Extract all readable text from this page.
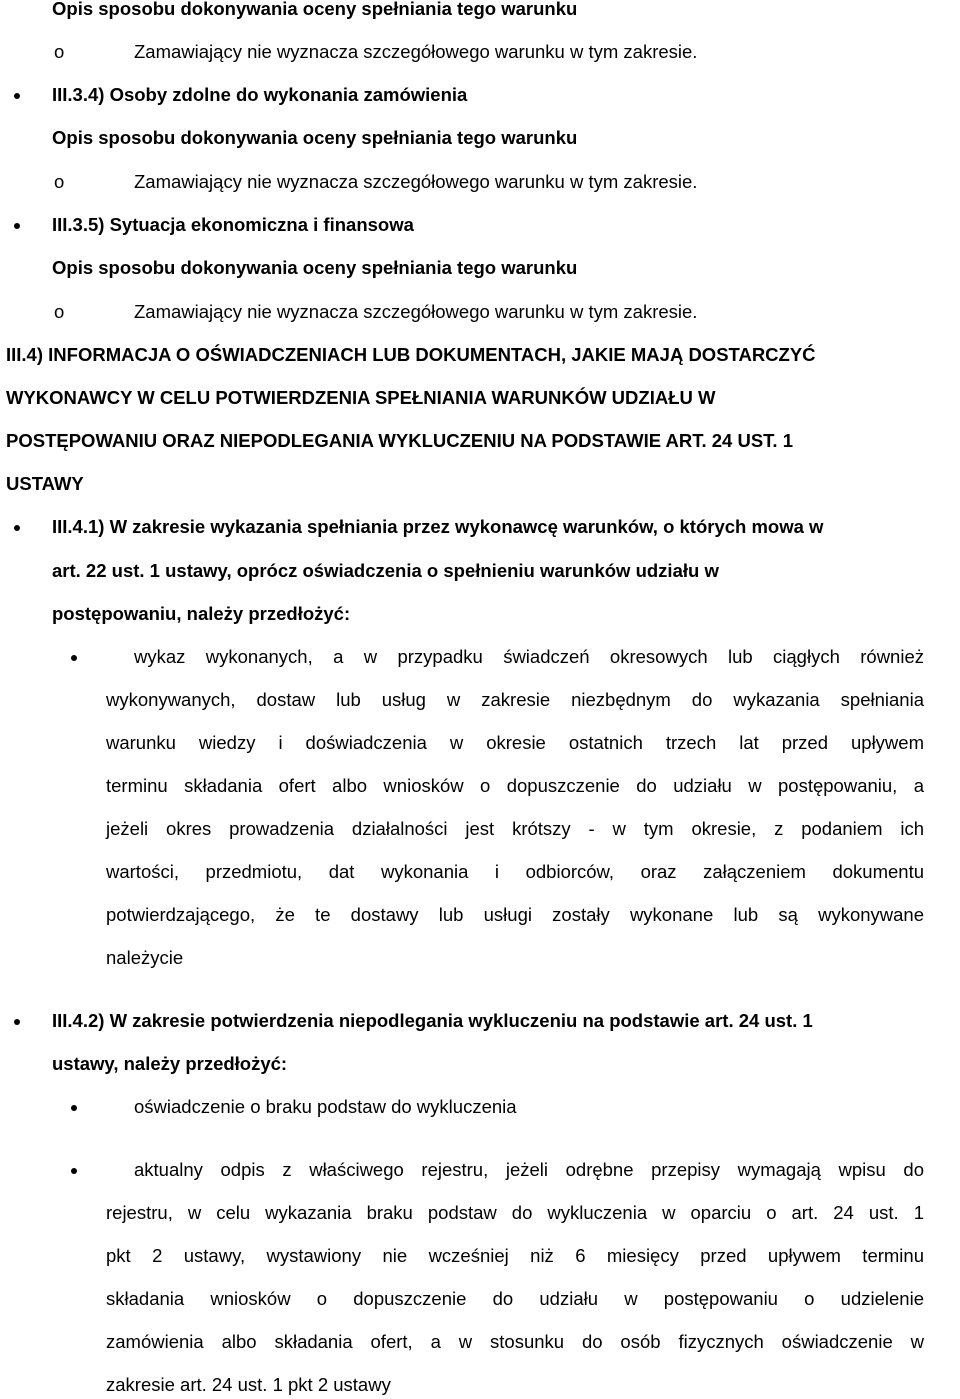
Opis sposobu dokonywania oceny spełniania tego warunku
o	Zamawiający nie wyznacza szczegółowego warunku w tym zakresie.
III.3.4) Osoby zdolne do wykonania zamówienia
Opis sposobu dokonywania oceny spełniania tego warunku
o	Zamawiający nie wyznacza szczegółowego warunku w tym zakresie.
III.3.5) Sytuacja ekonomiczna i finansowa
Opis sposobu dokonywania oceny spełniania tego warunku
o	Zamawiający nie wyznacza szczegółowego warunku w tym zakresie.
III.4) INFORMACJA O OŚWIADCZENIACH LUB DOKUMENTACH, JAKIE MAJĄ DOSTARCZYĆ
WYKONAWCY W CELU POTWIERDZENIA SPEŁNIANIA WARUNKÓW UDZIAŁU W
POSTĘPOWANIU ORAZ NIEPODLEGANIA WYKLUCZENIU NA PODSTAWIE ART. 24 UST. 1
USTAWY
III.4.1) W zakresie wykazania spełniania przez wykonawcę warunków, o których mowa w
art. 22 ust. 1 ustawy, oprócz oświadczenia o spełnieniu warunków udziału w
postępowaniu, należy przedłożyć:
wykaz wykonanych, a w przypadku świadczeń okresowych lub ciągłych również
wykonywanych, dostaw lub usług w zakresie niezbędnym do wykazania spełniania
warunku wiedzy i doświadczenia w okresie ostatnich trzech lat przed upływem
terminu składania ofert albo wniosków o dopuszczenie do udziału w postępowaniu, a
jeżeli okres prowadzenia działalności jest krótszy - w tym okresie, z podaniem ich
wartości, przedmiotu, dat wykonania i odbiorców, oraz załączeniem dokumentu
potwierdzającego, że te dostawy lub usługi zostały wykonane lub są wykonywane
należycie
III.4.2) W zakresie potwierdzenia niepodlegania wykluczeniu na podstawie art. 24 ust. 1
ustawy, należy przedłożyć:
oświadczenie o braku podstaw do wykluczenia
aktualny odpis z właściwego rejestru, jeżeli odrębne przepisy wymagają wpisu do
rejestru, w celu wykazania braku podstaw do wykluczenia w oparciu o art. 24 ust. 1
pkt 2 ustawy, wystawiony nie wcześniej niż 6 miesięcy przed upływem terminu
składania wniosków o dopuszczenie do udziału w postępowaniu o udzielenie
zamówienia albo składania ofert, a w stosunku do osób fizycznych oświadczenie w
zakresie art. 24 ust. 1 pkt 2 ustawy
